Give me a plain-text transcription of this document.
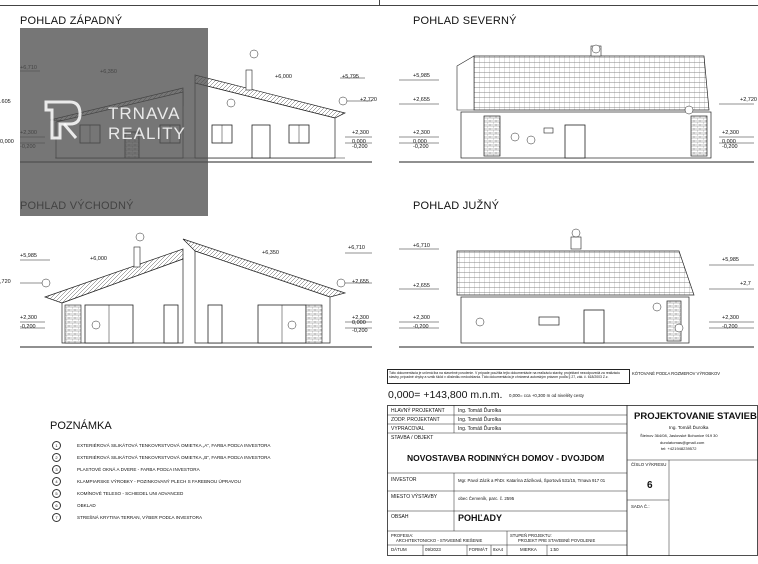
POHLAD ZÁPADNÝ	POHLAD SEVERNÝ
POHLAD JUŽNÝ
.605
0,000
+6,000	+5,795
+2,720
+2,300
0,000
-0,200
TRNAVA
REALITY
+5,985
+2,655
+2,300
0,000
-0,200
+2,720
+2,300
0,000
-0,200
+5,985
,720
+2,300
-0,200
+6,000
+6,350
+6,710
+2,655
+2,300
0,000
-0,200
+6,710
+2,655
+2,300
-0,200
+5,985
+2,7
+2,300
-0,200
POZNÁMKA
1	EXTERIÉROVÁ SILIKÁTOVÁ TENKOVRSTVOVÁ OMIETKA „A“, FARBA PODĽA INVESTORA
2	EXTERIÉROVÁ SILIKÁTOVÁ TENKOVRSTVOVÁ OMIETKA „B“, FARBA PODĽA INVESTORA
3	PLASTOVÉ OKNÁ A DVERE - FARBA PODĽA INVESTORA
4	KLAMPIARSKE VÝROBKY - POZINKOVANÝ PLECH S FAREBNOU ÚPRAVOU
5	KOMÍNOVÉ TELESO - SCHIEDEL UNI ADVANCED
6	OBKLAD
7	STREŠNÁ KRYTINA TERRAN, VÝBER PODĽA INVESTORA
Táto dokumentácia je určená iba na stavebné povolenie. V prípade použitia tejto dokumentácie na realizáciu stavby, projektant nezodpovedá za realizáciu stavby, prípadné chyby a vznik škôd v dôsledku nedodržania. Táto dokumentácia je chránená autorským právom podľa § 27, zák. č. 618/2003 Z.z.
KÓTOVANÉ PODĽA ROZMEROV VÝROBKOV
0,000= +143,800 m.n.m. 0,000= cca +0,300 m od niveléty cesty
HLAVNÝ PROJEKTANT	Ing. Tomáš Ďurolka
ZODP. PROJEKTANT	Ing. Tomáš Ďurolka
VYPRACOVAL	Ing. Tomáš Ďurolka
STAVBA / OBJEKT
NOVOSTAVBA RODINNÝCH DOMOV - DVOJDOM
INVESTOR	Mgr. Pavol Zázik a PhDr. Katarína Zázíková, Športová 531/15, Trnava 917 01
MIESTO VÝSTAVBY	obec Červeník, parc. č. 2595
OBSAH	POHĽADY
PROFESIA:
ARCHITEKTONICKO - STAVEBNÉ RIEŠENIE
STUPEŇ PROJEKTU:
PROJEKT PRE STAVEBNÉ POVOLENIE
DÁTUM	09/2023	FORMÁT 8xA4	MIERKA	1:50
PROJEKTOVANIE STAVIEB
Ing. Tomáš Ďurolka
Šteinov 364/08, Jaslovské Bohunice 919 30
durolatomas@gmail.com
tel: +421948239572
ČÍSLO VÝKRESU
6
SADA Č.:
